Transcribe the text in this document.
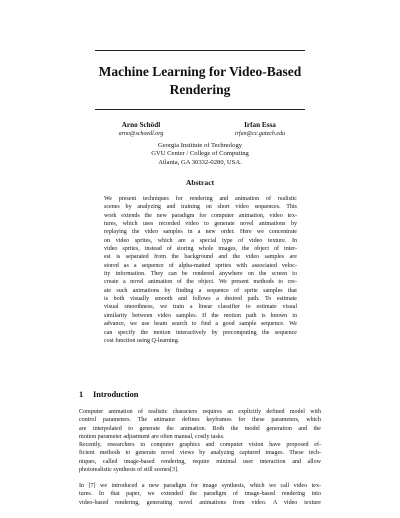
Machine Learning for Video-Based
Rendering
Arno Schödl
arno@schoedl.org
Irfan Essa
irfan@cc.gatech.edu
Georgia Institute of Technology
GVU Center / College of Computing
Atlanta, GA 30332-0280, USA.
Abstract
We present techniques for rendering and animation of realistic
scenes by analyzing and training on short video sequences. This
work extends the new paradigm for computer animation, video tex-
tures, which uses recorded video to generate novel animations by
replaying the video samples in a new order. Here we concentrate
on video sprites, which are a special type of video texture. In
video sprites, instead of storing whole images, the object of inter-
est is separated from the background and the video samples are
stored as a sequence of alpha-matted sprites with associated veloc-
ity information. They can be rendered anywhere on the screen to
create a novel animation of the object. We present methods to cre-
ate such animations by finding a sequence of sprite samples that
is both visually smooth and follows a desired path. To estimate
visual smoothness, we train a linear classifier to estimate visual
similarity between video samples. If the motion path is known in
advance, we use beam search to find a good sample sequence. We
can specify the motion interactively by precomputing the sequence
cost function using Q-learning.
1 Introduction
Computer animation of realistic characters requires an explicitly defined model with
control parameters. The animator defines keyframes for these parameters, which
are interpolated to generate the animation. Both the model generation and the
motion parameter adjustment are often manual, costly tasks.
Recently, researchers in computer graphics and computer vision have proposed ef-
ficient methods to generate novel views by analyzing captured images. These tech-
niques, called image-based rendering, require minimal user interaction and allow
photorealistic synthesis of still scenes[3].
In [7] we introduced a new paradigm for image synthesis, which we call video tex-
tures. In that paper, we extended the paradigm of image-based rendering into
video-based rendering, generating novel animations from video. A video texture
